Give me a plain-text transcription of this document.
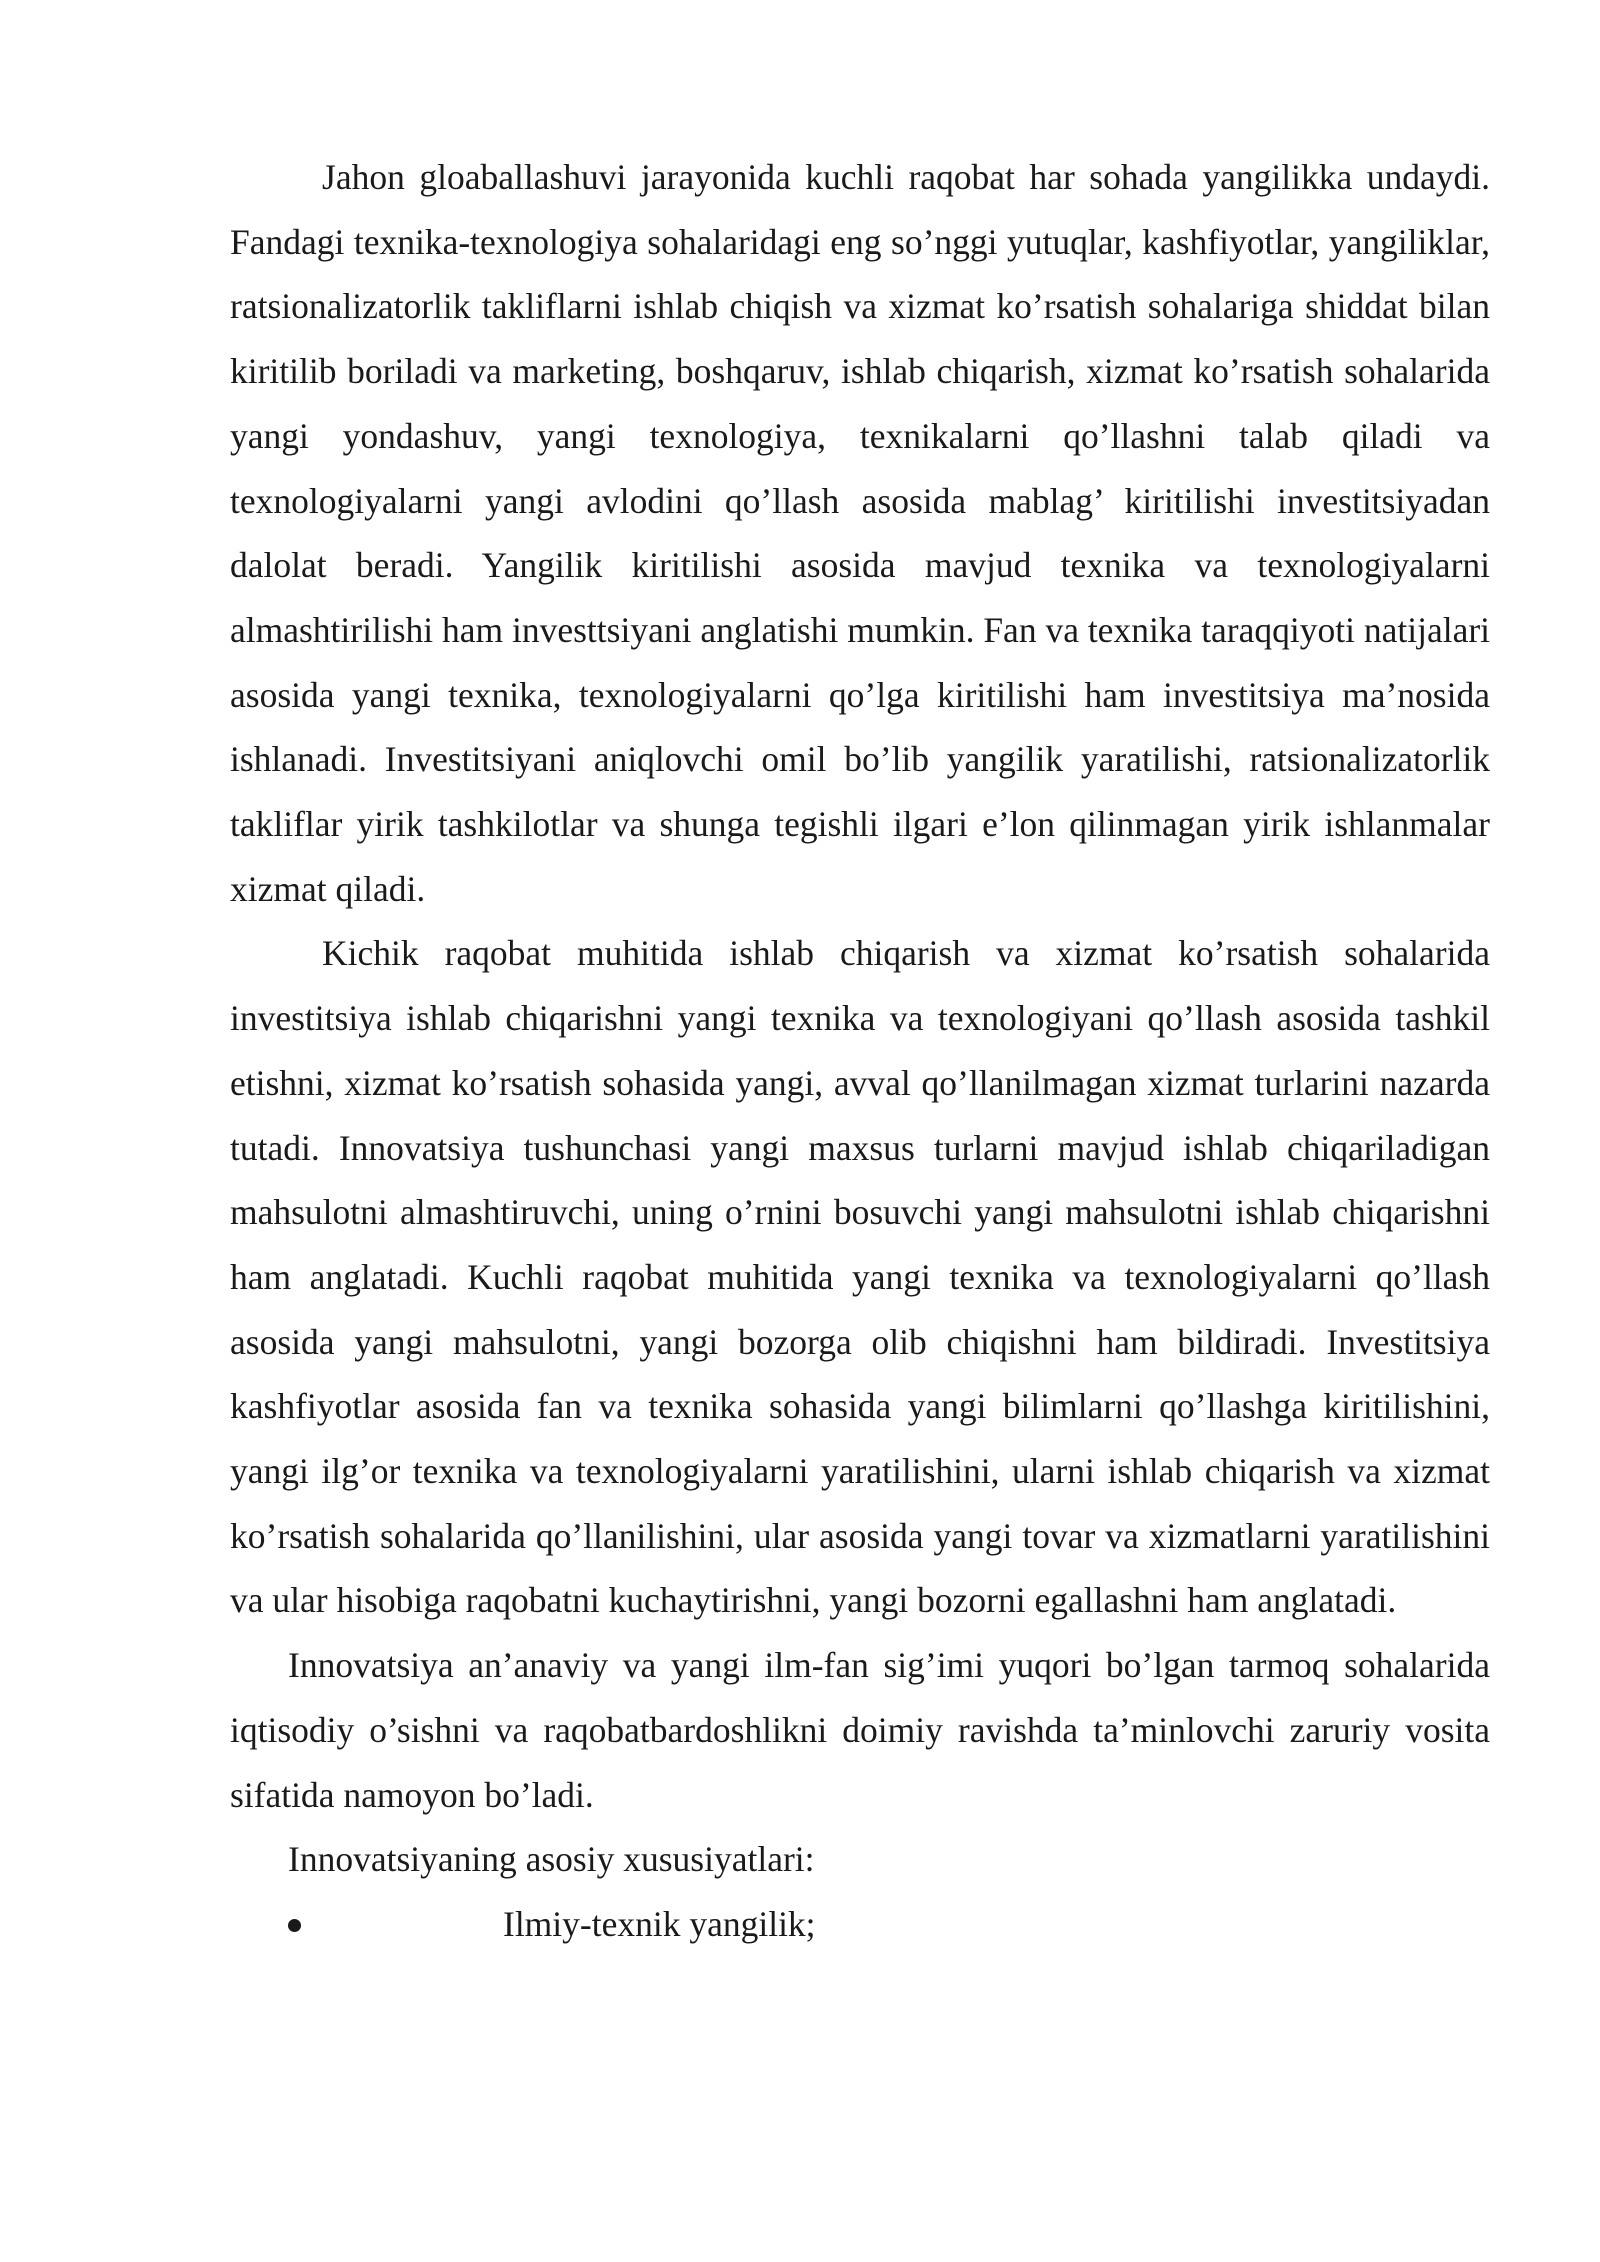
Jahon gloaballashuvi jarayonida kuchli raqobat har sohada yangilikka undaydi. Fandagi texnika-texnologiya sohalaridagi eng so’nggi yutuqlar, kashfiyotlar, yangiliklar, ratsionalizatorlik takliflarni ishlab chiqish va xizmat ko’rsatish sohalariga shiddat bilan kiritilib boriladi va marketing, boshqaruv, ishlab chiqarish, xizmat ko’rsatish sohalarida yangi yondashuv, yangi texnologiya, texnikalarni qo’llashni talab qiladi va texnologiyalarni yangi avlodini qo’llash asosida mablag’ kiritilishi investitsiyadan dalolat beradi. Yangilik kiritilishi asosida mavjud texnika va texnologiyalarni almashtirilishi ham investtsiyani anglatishi mumkin. Fan va texnika taraqqiyoti natijalari asosida yangi texnika, texnologiyalarni qo’lga kiritilishi ham investitsiya ma’nosida ishlanadi. Investitsiyani aniqlovchi omil bo’lib yangilik yaratilishi, ratsionalizatorlik takliflar yirik tashkilotlar va shunga tegishli ilgari e’lon qilinmagan yirik ishlanmalar xizmat qiladi.

Kichik raqobat muhitida ishlab chiqarish va xizmat ko’rsatish sohalarida investitsiya ishlab chiqarishni yangi texnika va texnologiyani qo’llash asosida tashkil etishni, xizmat ko’rsatish sohasida yangi, avval qo’llanilmagan xizmat turlarini nazarda tutadi. Innovatsiya tushunchasi yangi maxsus turlarni mavjud ishlab chiqariladigan mahsulotni almashtiruvchi, uning o’rnini bosuvchi yangi mahsulotni ishlab chiqarishni ham anglatadi. Kuchli raqobat muhitida yangi texnika va texnologiyalarni qo’llash asosida yangi mahsulotni, yangi bozorga olib chiqishni ham bildiradi. Investitsiya kashfiyotlar asosida fan va texnika sohasida yangi bilimlarni qo’llashga kiritilishini, yangi ilg’or texnika va texnologiyalarni yaratilishini, ularni ishlab chiqarish va xizmat ko’rsatish sohalarida qo’llanilishini, ular asosida yangi tovar va xizmatlarni yaratilishini va ular hisobiga raqobatni kuchaytirishni, yangi bozorni egallashni ham anglatadi.

Innovatsiya an’anaviy va yangi ilm-fan sig’imi yuqori bo’lgan tarmoq sohalarida iqtisodiy o’sishni va raqobatbardoshlikni doimiy ravishda ta’minlovchi zaruriy vosita sifatida namoyon bo’ladi.

Innovatsiyaning asosiy xususiyatlari:

Ilmiy-texnik yangilik;
